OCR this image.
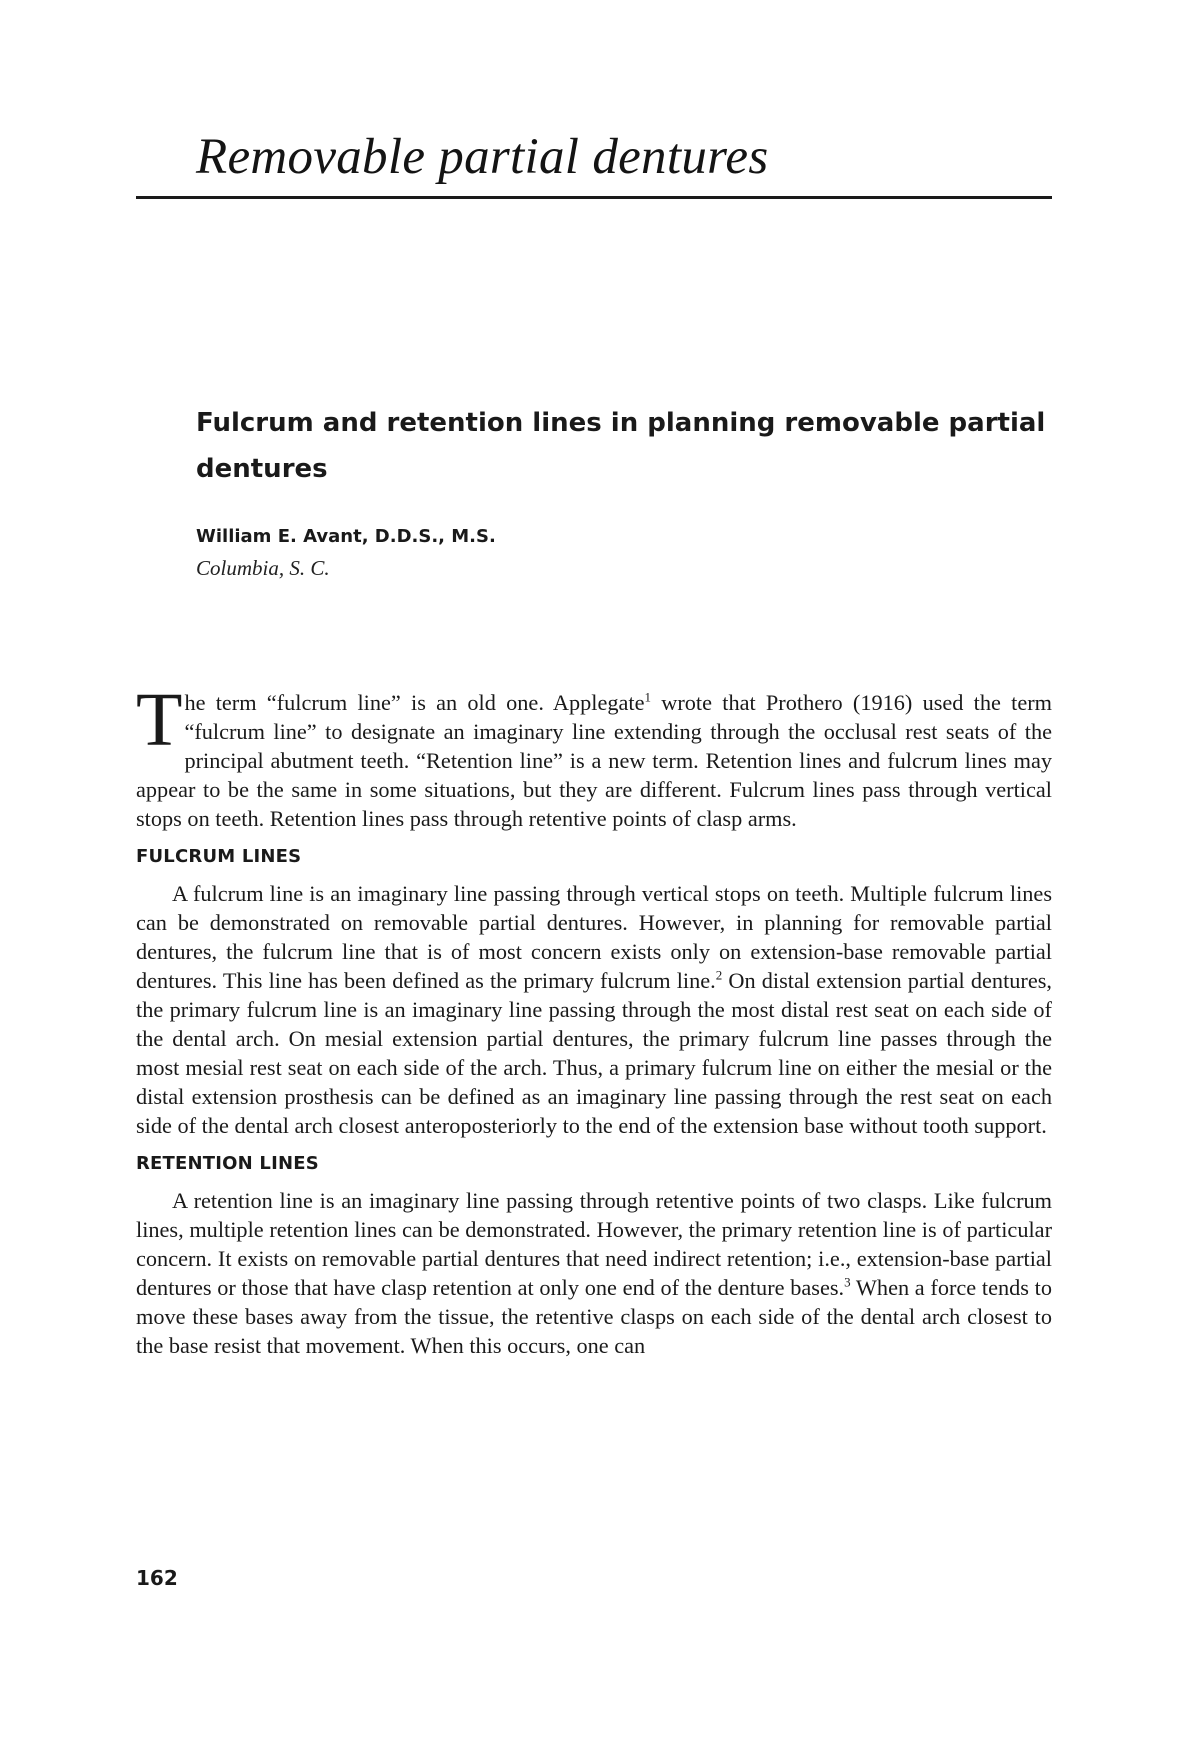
Removable partial dentures
Fulcrum and retention lines in planning removable partial dentures
William E. Avant, D.D.S., M.S.
Columbia, S. C.

The term “fulcrum line” is an old one. Applegate$^1$ wrote that Prothero (1916) used the term “fulcrum line” to designate an imaginary line extending through the occlusal rest seats of the principal abutment teeth. “Retention line” is a new term. Retention lines and fulcrum lines may appear to be the same in some situations, but they are different. Fulcrum lines pass through vertical stops on teeth. Retention lines pass through retentive points of clasp arms.

FULCRUM LINES

A fulcrum line is an imaginary line passing through vertical stops on teeth. Multiple fulcrum lines can be demonstrated on removable partial dentures. However, in planning for removable partial dentures, the fulcrum line that is of most concern exists only on extension-base removable partial dentures. This line has been defined as the primary fulcrum line.$^2$ On distal extension partial dentures, the primary fulcrum line is an imaginary line passing through the most distal rest seat on each side of the dental arch. On mesial extension partial dentures, the primary fulcrum line passes through the most mesial rest seat on each side of the arch. Thus, a primary fulcrum line on either the mesial or the distal extension prosthesis can be defined as an imaginary line passing through the rest seat on each side of the dental arch closest anteroposteriorly to the end of the extension base without tooth support.

RETENTION LINES

A retention line is an imaginary line passing through retentive points of two clasps. Like fulcrum lines, multiple retention lines can be demonstrated. However, the primary retention line is of particular concern. It exists on removable partial dentures that need indirect retention; i.e., extension-base partial dentures or those that have clasp retention at only one end of the denture bases.$^3$ When a force tends to move these bases away from the tissue, the retentive clasps on each side of the dental arch closest to the base resist that movement. When this occurs, one can

162
